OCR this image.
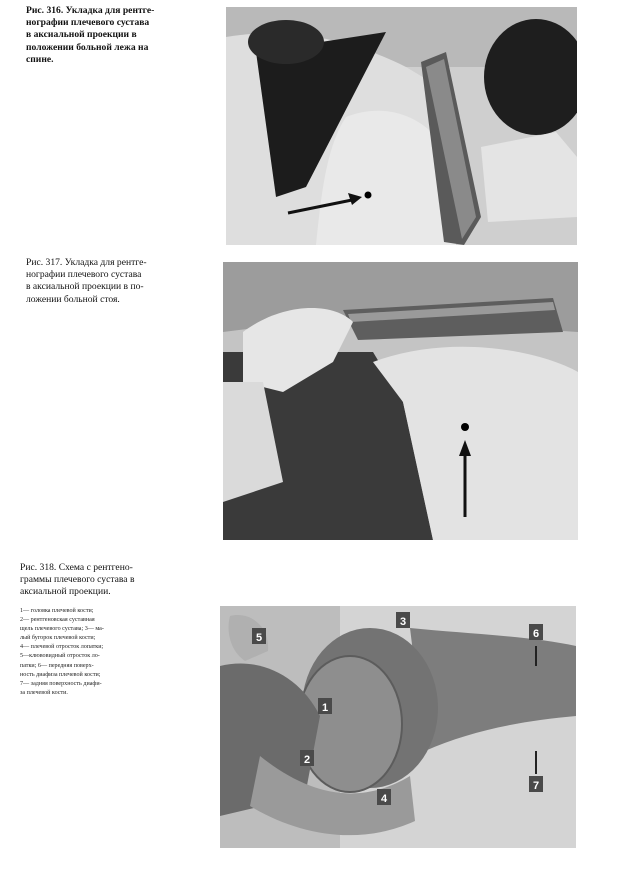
Рис. 316. Укладка для рентге-
нографии плечевого сустава
в аксиальной проекции в
положении больной лежа на
спине.

Рис. 317. Укладка для рентге-
нографии плечевого сустава
в аксиальной проекции в по-
ложении больной стоя.

Рис. 318. Схема с рентгено-
граммы плечевого сустава в
аксиальной проекции.

1— головка плечевой кости;
2— рентгеновская суставная
щель плечевого сустава; 3— ма-
лый бугорок плечевой кости;
4— плечевой отросток лопатки;
5—клювовидный отросток ло-
патки; 6— передняя поверх-
ность диафиза плечевой кости;
7— задняя поверхность диафи-
за плечевой кости.

1
2
3
4
5	6
7
